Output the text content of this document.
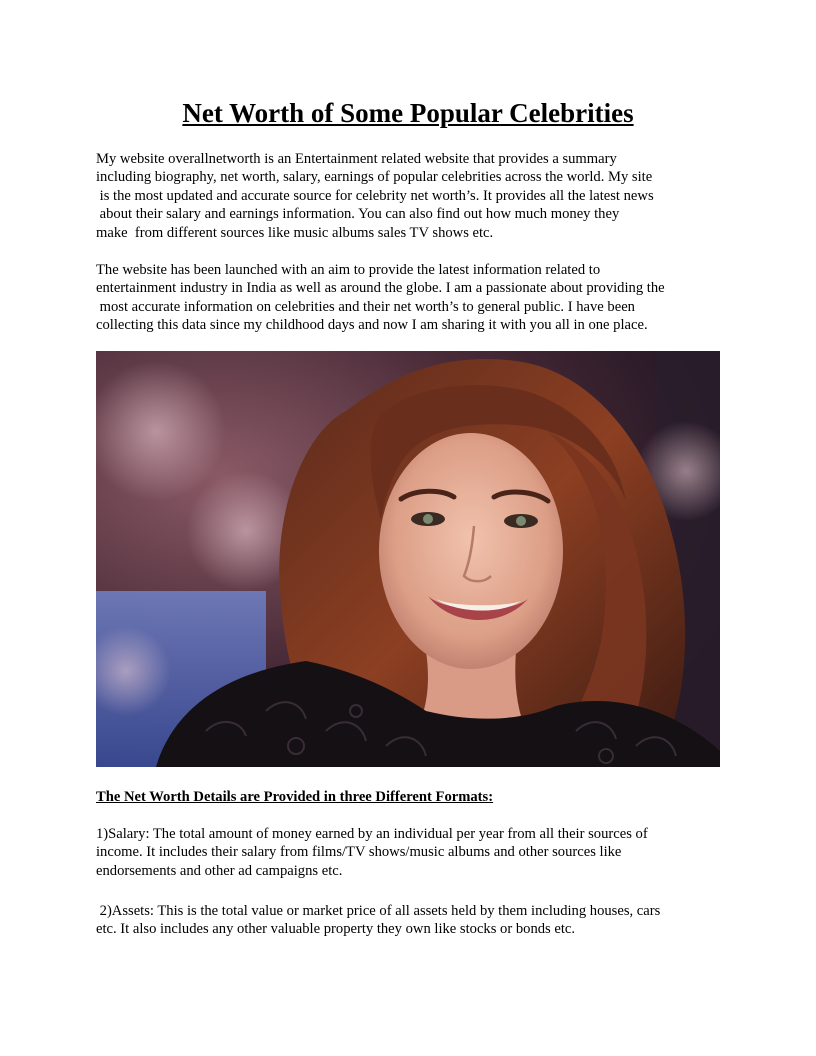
Net Worth of Some Popular Celebrities

My website overallnetworth is an Entertainment related website that provides a summary
including biography, net worth, salary, earnings of popular celebrities across the world. My site
is the most updated and accurate source for celebrity net worth’s. It provides all the latest news
about their salary and earnings information. You can also find out how much money they
make  from different sources like music albums sales TV shows etc.

The website has been launched with an aim to provide the latest information related to
entertainment industry in India as well as around the globe. I am a passionate about providing the
most accurate information on celebrities and their net worth’s to general public. I have been
collecting this data since my childhood days and now I am sharing it with you all in one place.

The Net Worth Details are Provided in three Different Formats:

1)Salary: The total amount of money earned by an individual per year from all their sources of
income. It includes their salary from films/TV shows/music albums and other sources like
endorsements and other ad campaigns etc.

2)Assets: This is the total value or market price of all assets held by them including houses, cars
etc. It also includes any other valuable property they own like stocks or bonds etc.
